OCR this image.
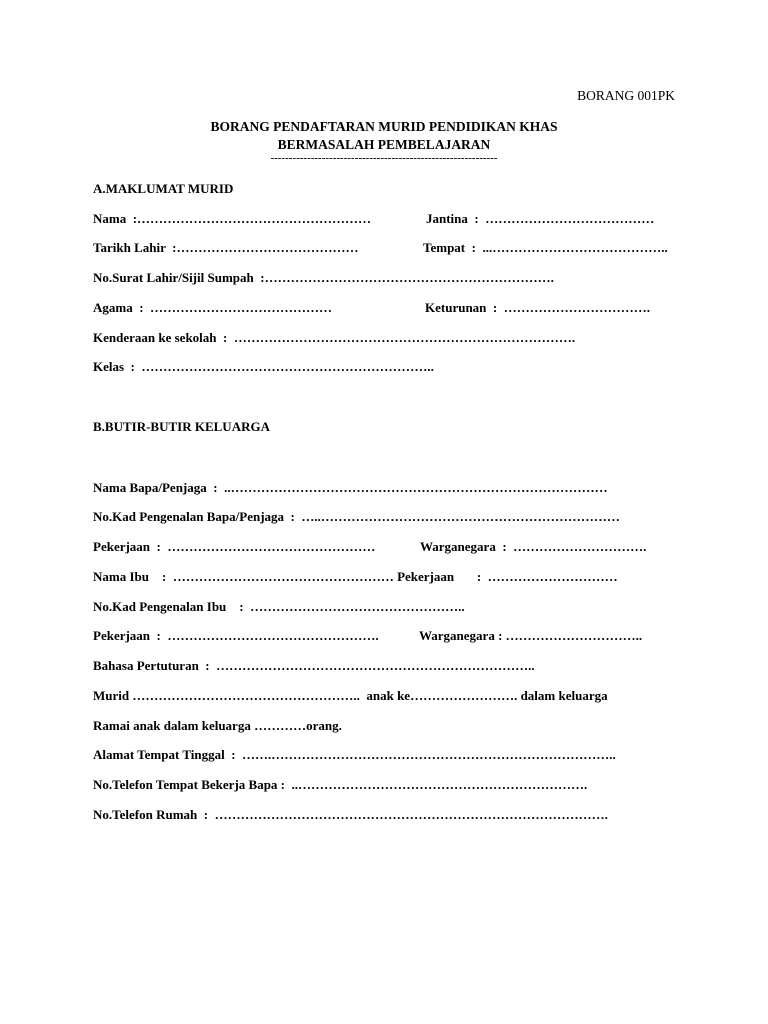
BORANG 001PK
BORANG PENDAFTARAN MURID PENDIDIKAN KHAS
BERMASALAH PEMBELAJARAN
--------------------------------------------------------------
A.MAKLUMAT MURID
Nama  :………………………………………………	Jantina  :  …………………………………
Tarikh Lahir  :……………………………………	Tempat  :  ...…………………………………..
No.Surat Lahir/Sijil Sumpah  :………………………………………………………….
Agama  :  ……………………………………	Keturunan  :  …………………………….
Kenderaan ke sekolah  :  …………………………………………………………………….
Kelas  :  …………………………………………………………..
B.BUTIR-BUTIR KELUARGA
Nama Bapa/Penjaga  :  ..……………………………………………………………………………
No.Kad Pengenalan Bapa/Penjaga  :  …..……………………………………………………………
Pekerjaan  :  …………………………………………	Warganegara  :  ………………………….
Nama Ibu    :  …………………………………………… Pekerjaan       :  …………………………
No.Kad Pengenalan Ibu    :  …………………………………………..
Pekerjaan  :  ………………………………………….	Warganegara : …………………………..
Bahasa Pertuturan  :  ………………………………………………………………..
Murid ……………………………………………..  anak ke……………………. dalam keluarga
Ramai anak dalam keluarga …………orang.
Alamat Tempat Tinggal  :  …….……………………………………………………………………..
No.Telefon Tempat Bekerja Bapa :  ..………………………………………………………….
No.Telefon Rumah  :  ……………………………………………………………………………….
